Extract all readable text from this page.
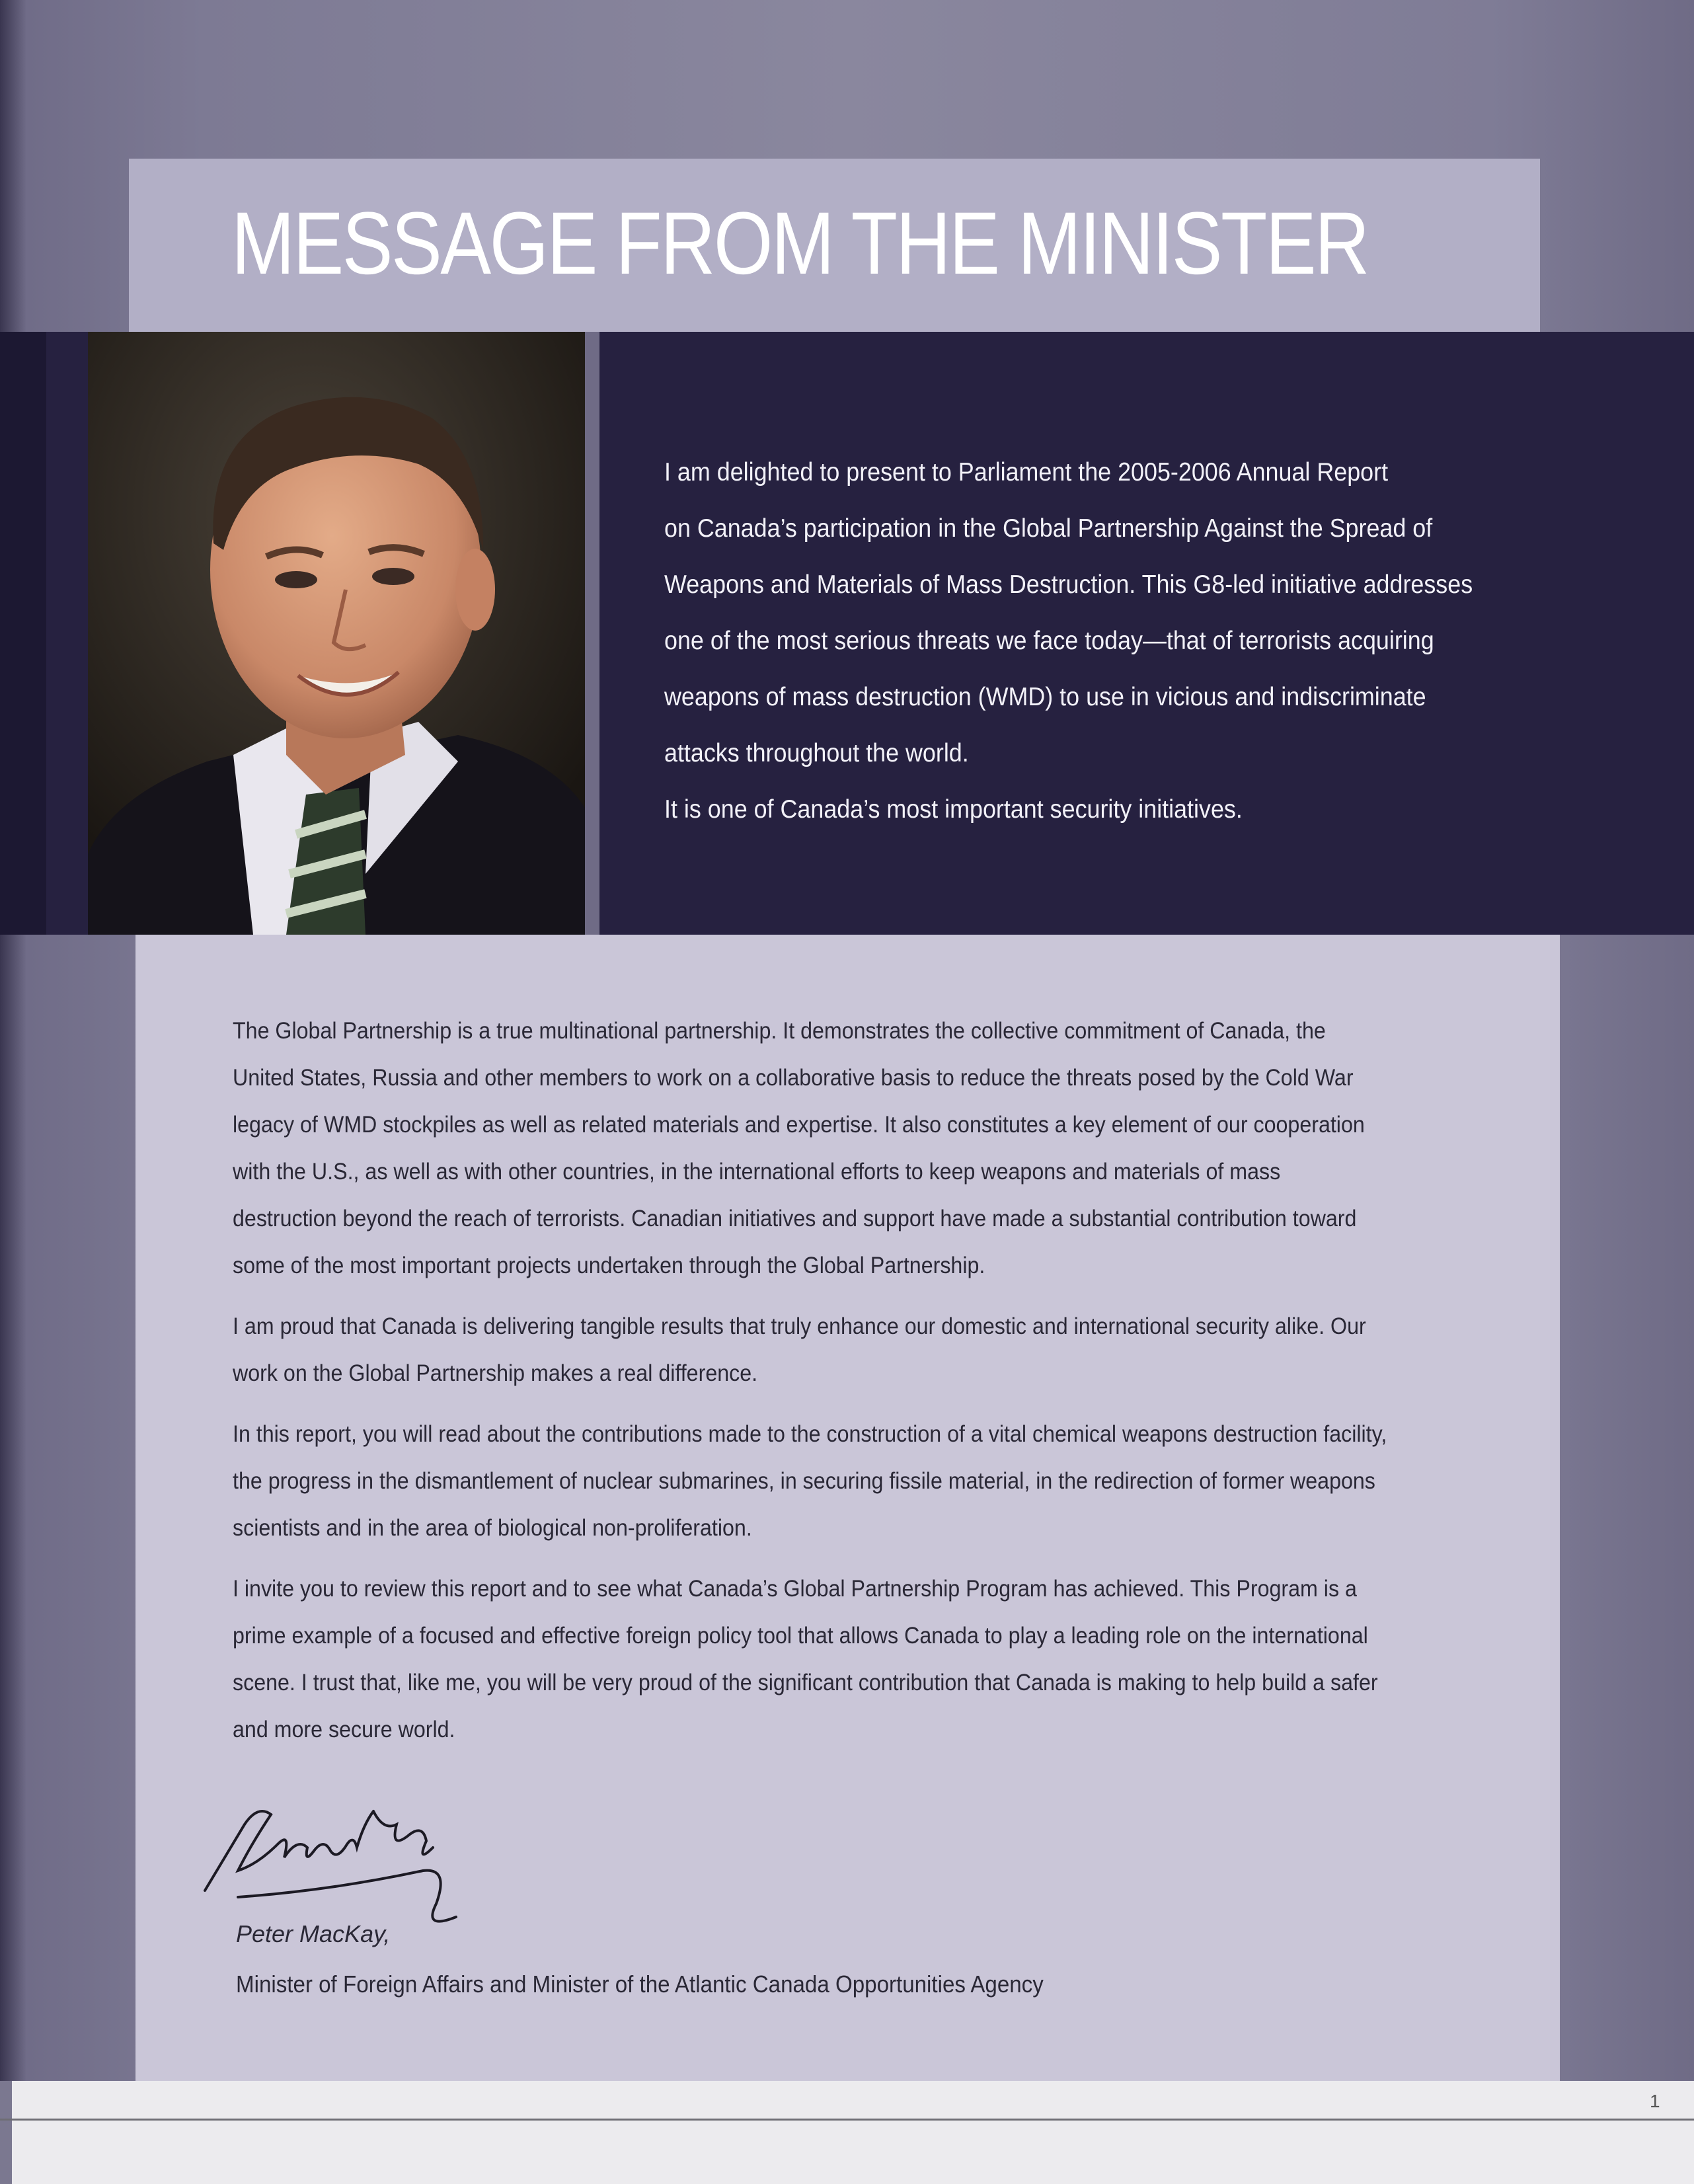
MESSAGE FROM THE MINISTER

I am delighted to present to Parliament the 2005-2006 Annual Report

on Canada’s participation in the Global Partnership Against the Spread of

Weapons and Materials of Mass Destruction. This G8-led initiative addresses

one of the most serious threats we face today—that of terrorists acquiring

weapons of mass destruction (WMD) to use in vicious and indiscriminate

attacks throughout the world.

It is one of Canada’s most important security initiatives.

The Global Partnership is a true multinational partnership. It demonstrates the collective commitment of Canada, the United States, Russia and other members to work on a collaborative basis to reduce the threats posed by the Cold War legacy of WMD stockpiles as well as related materials and expertise. It also constitutes a key element of our cooperation with the U.S., as well as with other countries, in the international efforts to keep weapons and materials of mass destruction beyond the reach of terrorists. Canadian initiatives and support have made a substantial contribution toward some of the most important projects undertaken through the Global Partnership.

I am proud that Canada is delivering tangible results that truly enhance our domestic and international security alike. Our work on the Global Partnership makes a real difference.

In this report, you will read about the contributions made to the construction of a vital chemical weapons destruction facility, the progress in the dismantlement of nuclear submarines, in securing fissile material, in the redirection of former weapons scientists and in the area of biological non-proliferation.

I invite you to review this report and to see what Canada’s Global Partnership Program has achieved. This Program is a prime example of a focused and effective foreign policy tool that allows Canada to play a leading role on the international scene. I trust that, like me, you will be very proud of the significant contribution that Canada is making to help build a safer and more secure world.

Peter MacKay,
Minister of Foreign Affairs and Minister of the Atlantic Canada Opportunities Agency
1
